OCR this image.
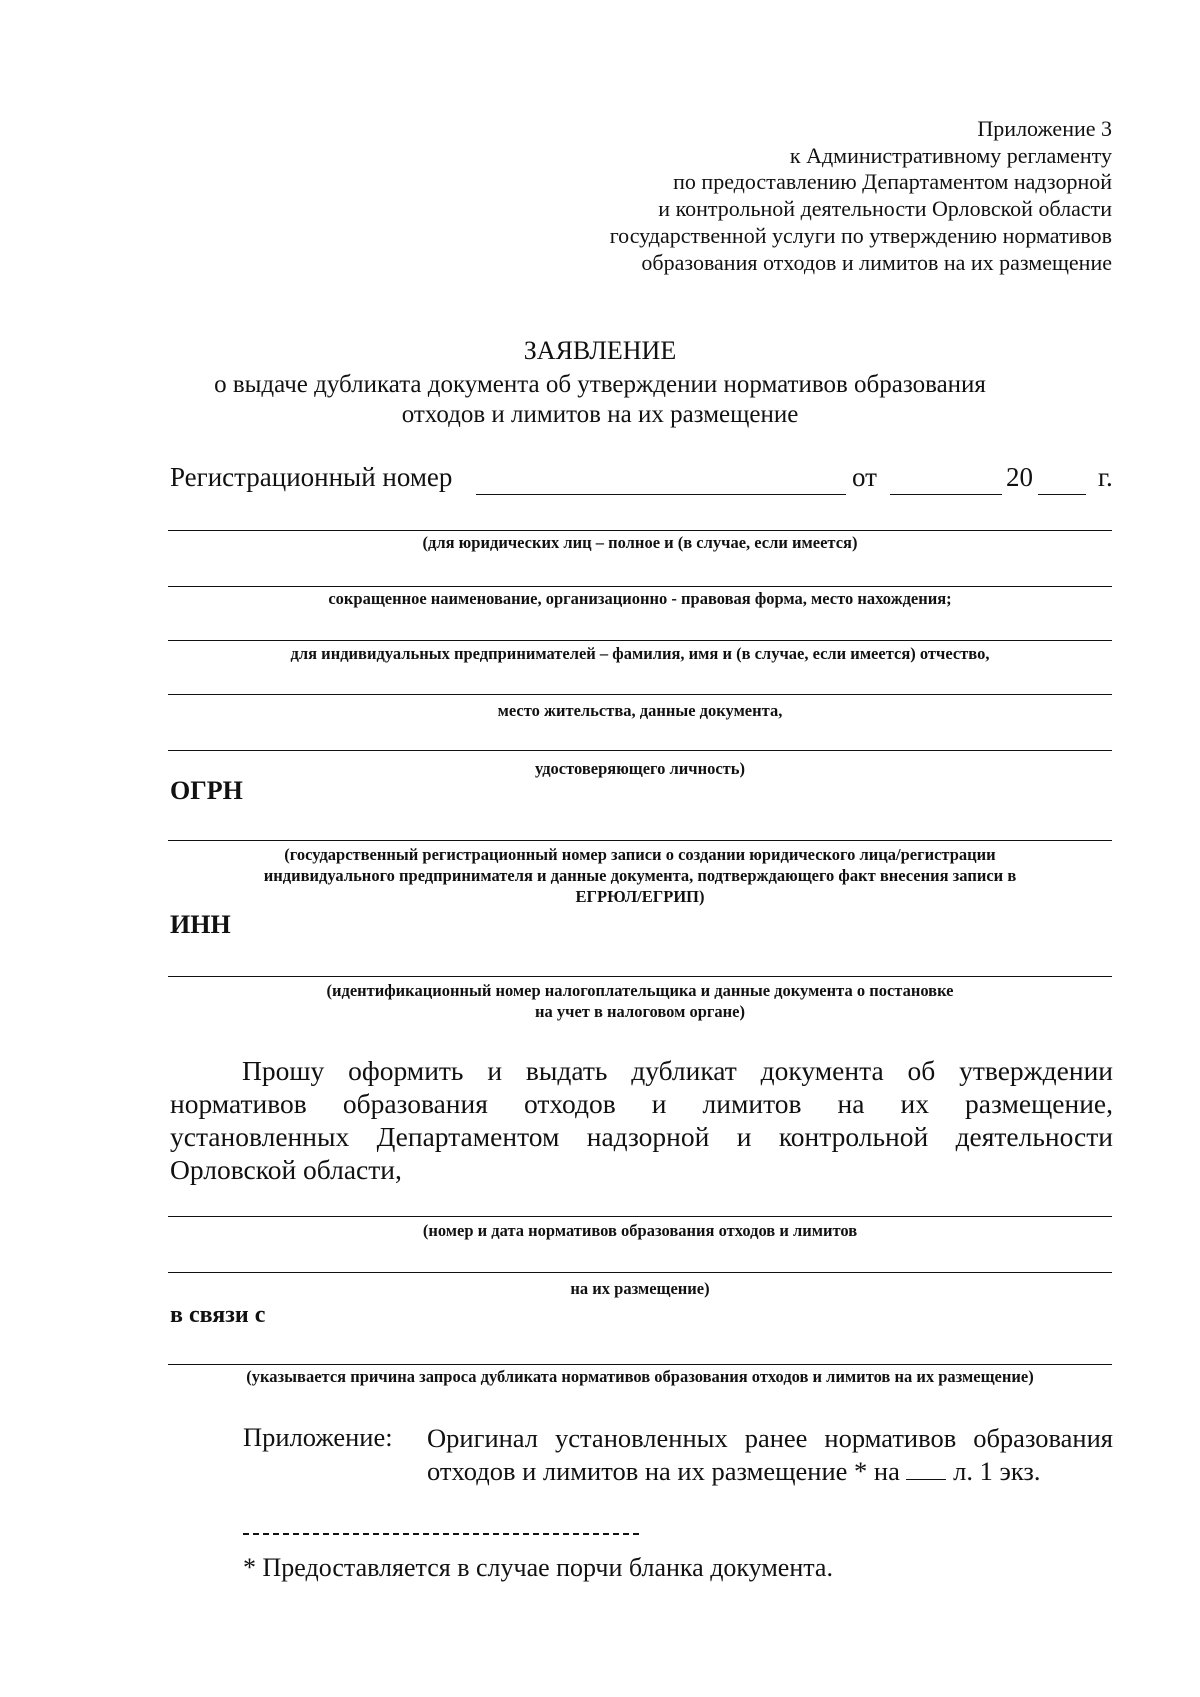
Приложение 3
к Административному регламенту
по предоставлению Департаментом надзорной
и контрольной деятельности Орловской области
государственной услуги по утверждению нормативов
образования отходов и лимитов на их размещение
ЗАЯВЛЕНИЕ
о выдаче дубликата документа об утверждении нормативов образования
отходов и лимитов на их размещение
Регистрационный номер	от	20 г.
(для юридических лиц – полное и (в случае, если имеется)
сокращенное наименование, организационно - правовая форма, место нахождения;
для индивидуальных предпринимателей – фамилия, имя и (в случае, если имеется) отчество,
место жительства, данные документа,
удостоверяющего личность)
ОГРН
(государственный регистрационный номер записи о создании юридического лица/регистрации
индивидуального предпринимателя и данные документа, подтверждающего факт внесения записи в
ЕГРЮЛ/ЕГРИП)
ИНН
(идентификационный номер налогоплательщика и данные документа о постановке
на учет в налоговом органе)
Прошу оформить и выдать дубликат документа об утверждении
нормативов образования отходов и лимитов на их размещение,
установленных Департаментом надзорной и контрольной деятельности
Орловской области,
(номер и дата нормативов образования отходов и лимитов
на их размещение)
в связи с
(указывается причина запроса дубликата нормативов образования отходов и лимитов на их размещение)
Приложение: Оригинал установленных ранее нормативов образования
отходов и лимитов на их размещение * на л. 1 экз.
* Предоставляется в случае порчи бланка документа.
